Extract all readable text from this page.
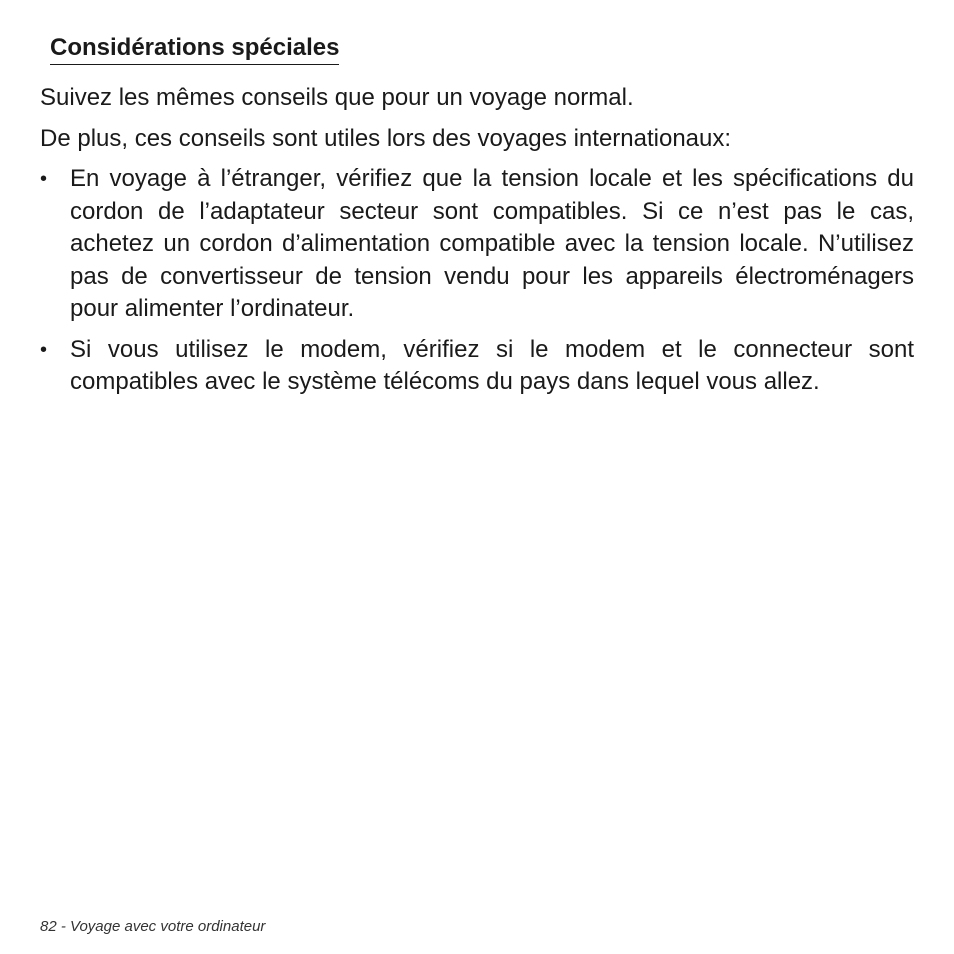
Considérations spéciales

Suivez les mêmes conseils que pour un voyage normal.

De plus, ces conseils sont utiles lors des voyages internationaux:

• En voyage à l’étranger, vérifiez que la tension locale et les spécifications du cordon de l’adaptateur secteur sont compatibles. Si ce n’est pas le cas, achetez un cordon d’alimentation compatible avec la tension locale. N’utilisez pas de convertisseur de tension vendu pour les appareils électroménagers pour alimenter l’ordinateur.
• Si vous utilisez le modem, vérifiez si le modem et le connecteur sont compatibles avec le système télécoms du pays dans lequel vous allez.
82 - Voyage avec votre ordinateur
